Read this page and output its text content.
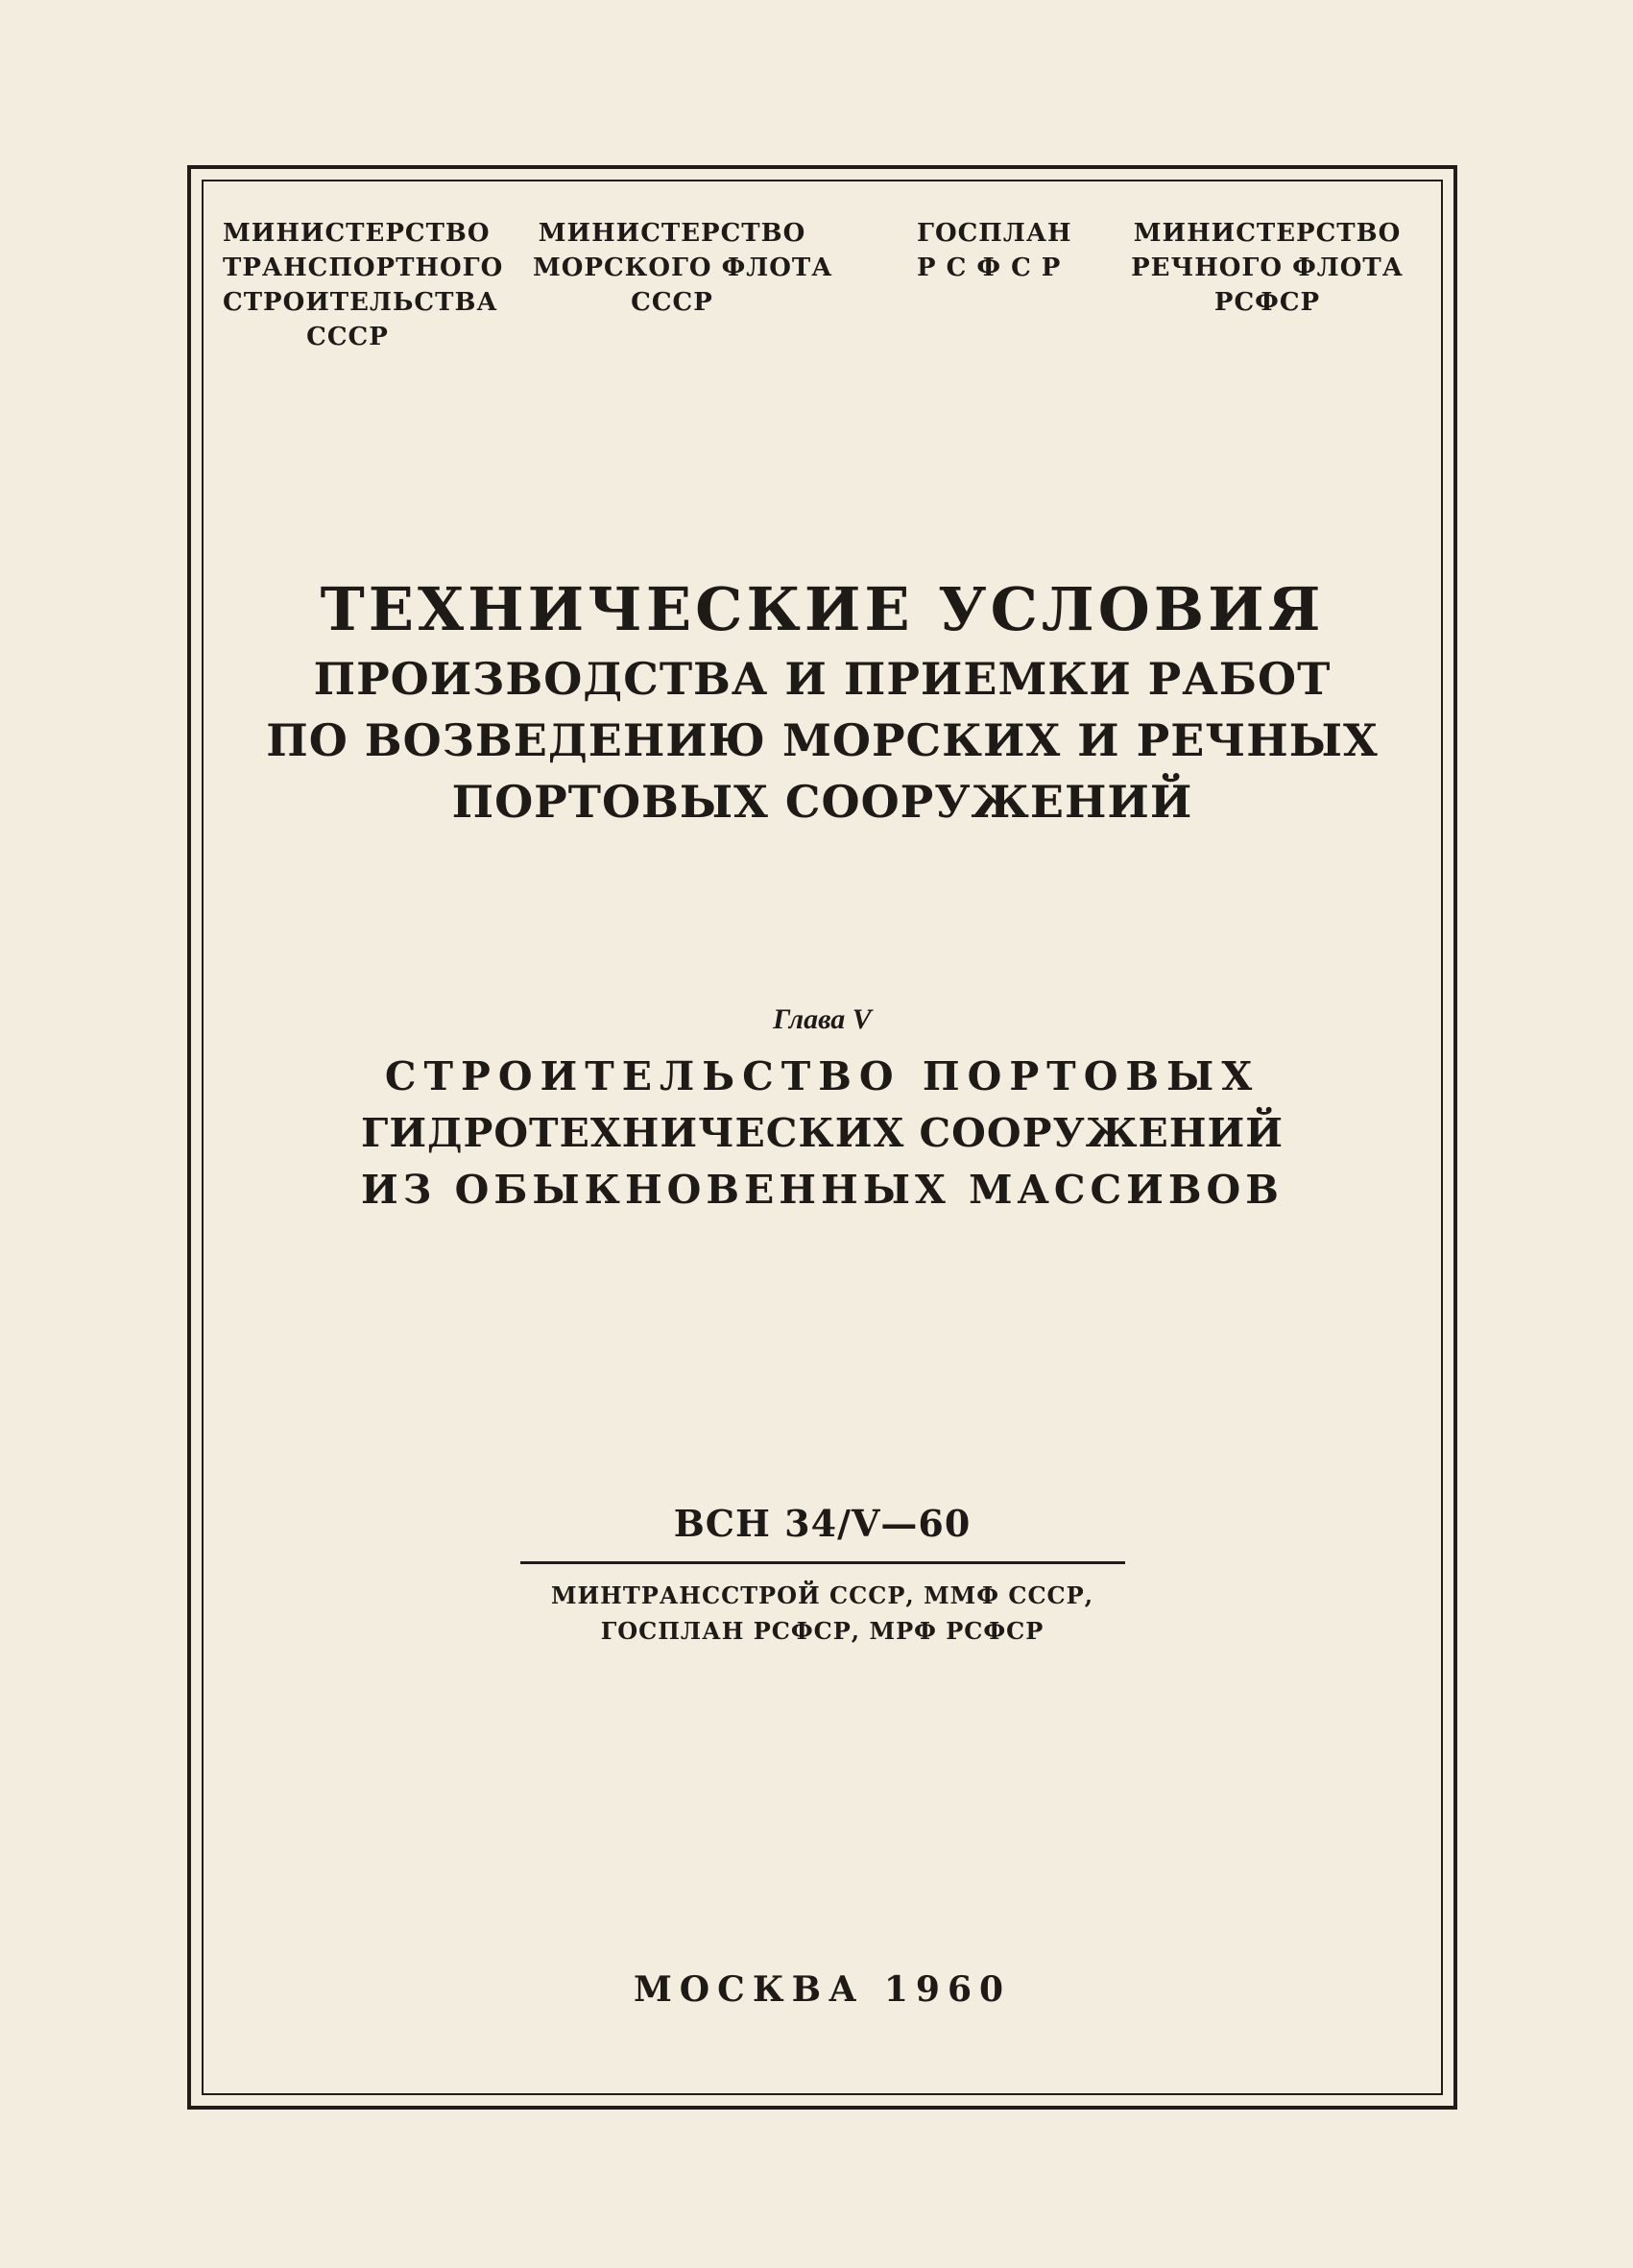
МИНИСТЕРСТВО
ТРАНСПОРТНОГО
СТРОИТЕЛЬСТВА
СССР
МИНИСТЕРСТВО
МОРСКОГО ФЛОТА
СССР
ГОСПЛАН
Р С Ф С Р
МИНИСТЕРСТВО
РЕЧНОГО ФЛОТА
РСФСР
ТЕХНИЧЕСКИЕ УСЛОВИЯ
ПРОИЗВОДСТВА И ПРИЕМКИ РАБОТ
ПО ВОЗВЕДЕНИЮ МОРСКИХ И РЕЧНЫХ
ПОРТОВЫХ СООРУЖЕНИЙ
Глава V
СТРОИТЕЛЬСТВО ПОРТОВЫХ
ГИДРОТЕХНИЧЕСКИХ СООРУЖЕНИЙ
ИЗ ОБЫКНОВЕННЫХ МАССИВОВ
ВСН 34/V—60
МИНТРАНССТРОЙ СССР, ММФ СССР,
ГОСПЛАН РСФСР, МРФ РСФСР
МОСКВА 1960
